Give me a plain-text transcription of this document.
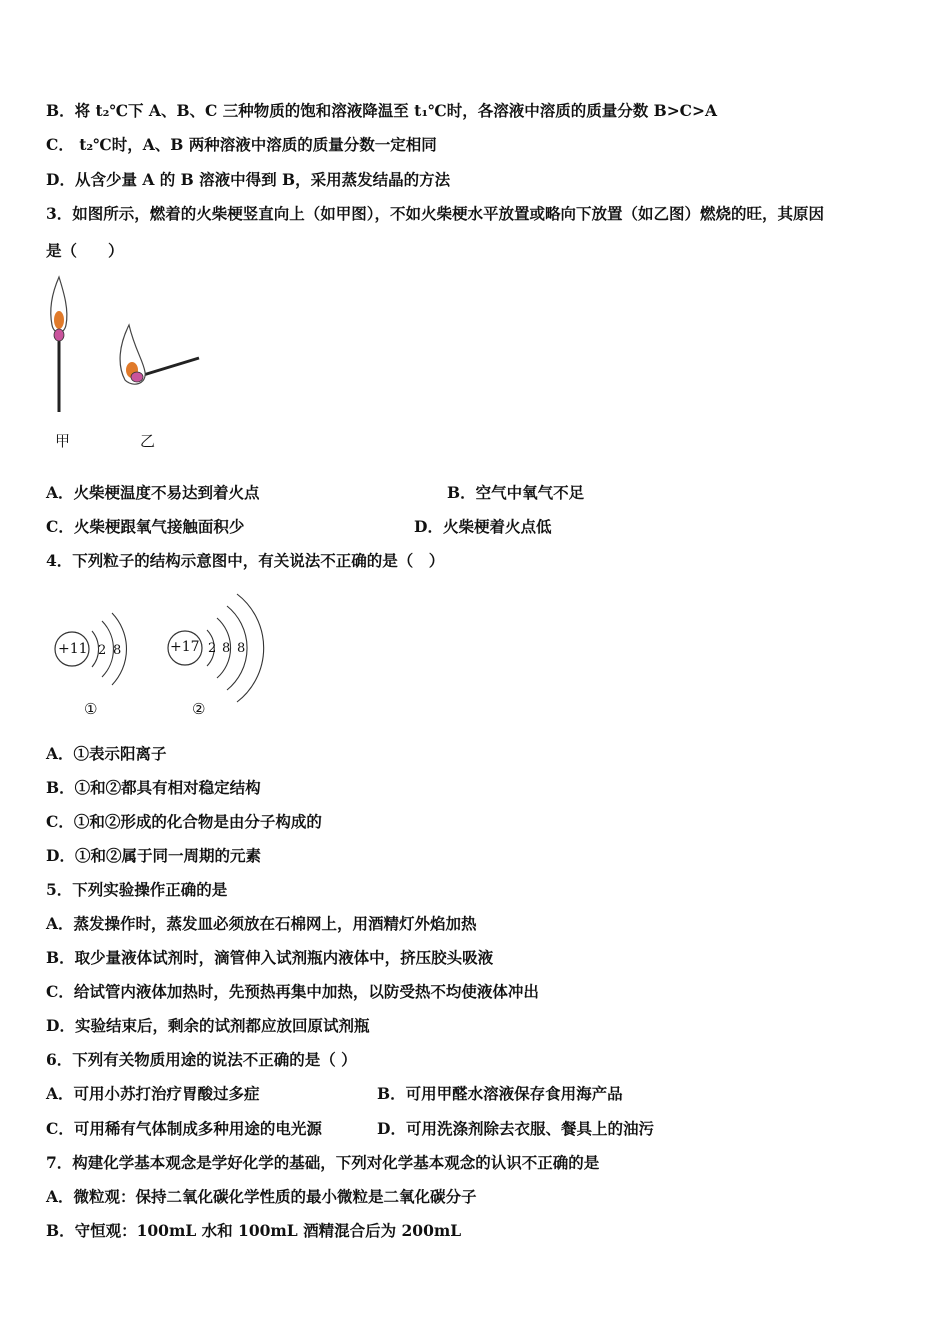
B．将 t₂℃下 A、B、C 三种物质的饱和溶液降温至 t₁℃时，各溶液中溶质的质量分数 B>C>A
C． t₂℃时，A、B 两种溶液中溶质的质量分数一定相同
D．从含少量 A 的 B 溶液中得到 B，采用蒸发结晶的方法
3．如图所示，燃着的火柴梗竖直向上（如甲图），不如火柴梗水平放置或略向下放置（如乙图）燃烧的旺，其原因
是（　　）
甲	乙
A．火柴梗温度不易达到着火点	B．空气中氧气不足
C．火柴梗跟氧气接触面积少	D．火柴梗着火点低
4．下列粒子的结构示意图中，有关说法不正确的是（　）
+11 2 8
①
+17 2 8 8
②
A．①表示阳离子
B．①和②都具有相对稳定结构
C．①和②形成的化合物是由分子构成的
D．①和②属于同一周期的元素
5．下列实验操作正确的是
A．蒸发操作时，蒸发皿必须放在石棉网上，用酒精灯外焰加热
B．取少量液体试剂时，滴管伸入试剂瓶内液体中，挤压胶头吸液
C．给试管内液体加热时，先预热再集中加热，以防受热不均使液体冲出
D．实验结束后，剩余的试剂都应放回原试剂瓶
6．下列有关物质用途的说法不正确的是（ ）
A．可用小苏打治疗胃酸过多症	B．可用甲醛水溶液保存食用海产品
C．可用稀有气体制成多种用途的电光源	D．可用洗涤剂除去衣服、餐具上的油污
7．构建化学基本观念是学好化学的基础，下列对化学基本观念的认识不正确的是
A．微粒观：保持二氧化碳化学性质的最小微粒是二氧化碳分子
B．守恒观：100mL 水和 100mL 酒精混合后为 200mL
